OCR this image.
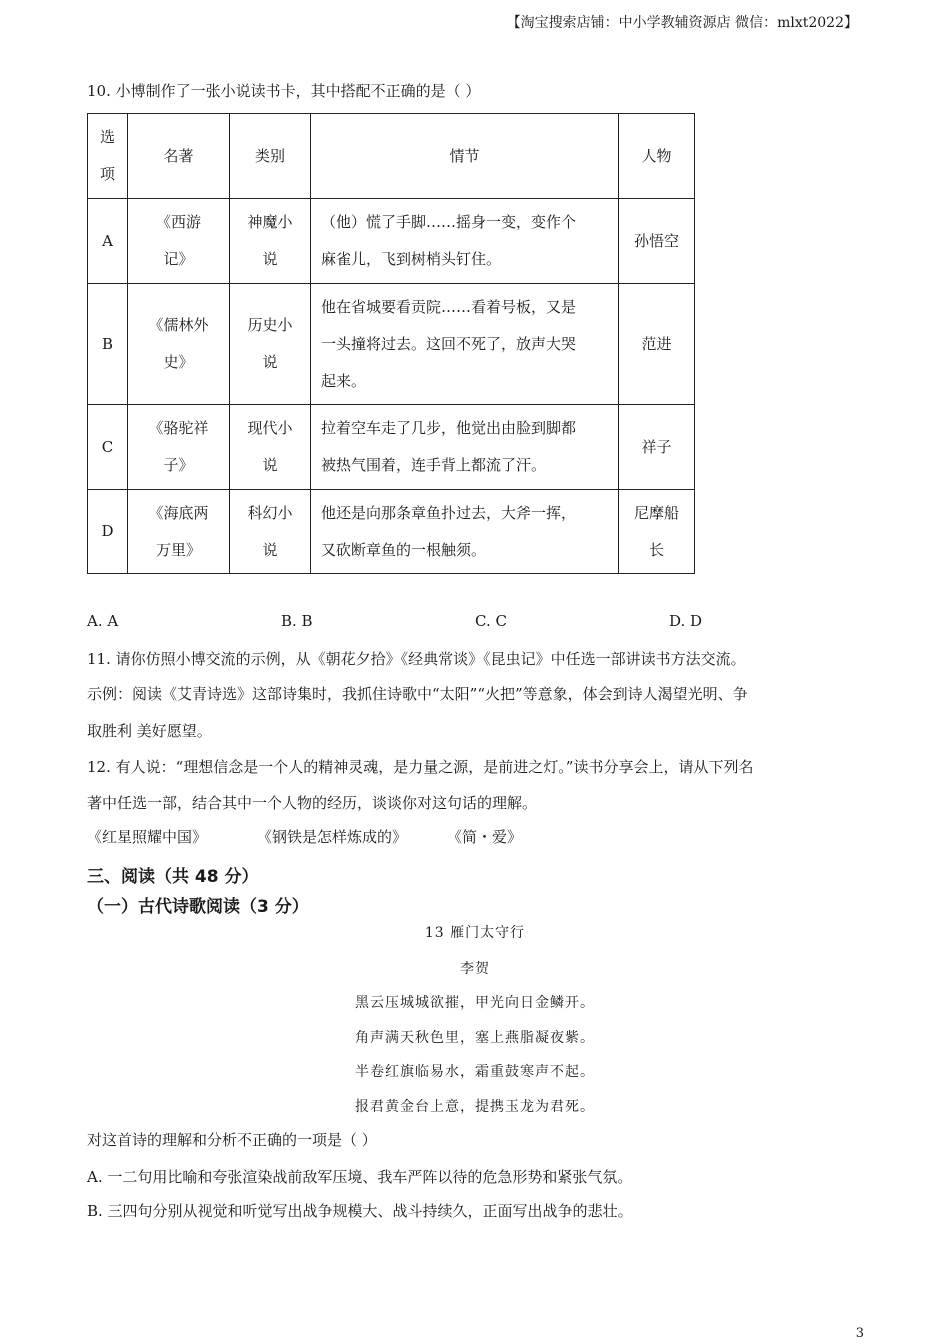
【淘宝搜索店铺：中小学教辅资源店 微信：mlxt2022】
10. 小博制作了一张小说读书卡，其中搭配不正确的是（ ）
选
项	名著	类别	情节	人物
A	《西游
记》	神魔小
说	（他）慌了手脚……摇身一变，变作个
麻雀儿，飞到树梢头钉住。	孙悟空
B	《儒林外
史》	历史小
说	他在省城要看贡院……看着号板，又是
一头撞将过去。这回不死了，放声大哭
起来。	范进
C	《骆驼祥
子》	现代小
说	拉着空车走了几步，他觉出由脸到脚都
被热气围着，连手背上都流了汗。	祥子
D	《海底两
万里》	科幻小
说	他还是向那条章鱼扑过去，大斧一挥，
又砍断章鱼的一根触须。	尼摩船
长
A. A	B. B	C. C	D. D
11. 请你仿照小博交流的示例，从《朝花夕拾》《经典常谈》《昆虫记》中任选一部讲读书方法交流。
示例：阅读《艾青诗选》这部诗集时，我抓住诗歌中“太阳”“火把”等意象，体会到诗人渴望光明、争
取胜利 美好愿望。
12. 有人说：“理想信念是一个人的精神灵魂，是力量之源，是前进之灯。”读书分享会上，请从下列名
著中任选一部，结合其中一个人物的经历，谈谈你对这句话的理解。
《红星照耀中国》	《钢铁是怎样炼成的》	《简・爱》
三、阅读（共 48 分）
（一）古代诗歌阅读（3 分）
13 雁门太守行
李贺
黑云压城城欲摧，甲光向日金鳞开。
角声满天秋色里，塞上燕脂凝夜紫。
半卷红旗临易水，霜重鼓寒声不起。
报君黄金台上意，提携玉龙为君死。
对这首诗的理解和分析不正确的一项是（ ）
A. 一二句用比喻和夸张渲染战前敌军压境、我车严阵以待的危急形势和紧张气氛。
B. 三四句分别从视觉和听觉写出战争规模大、战斗持续久，正面写出战争的悲壮。
3
